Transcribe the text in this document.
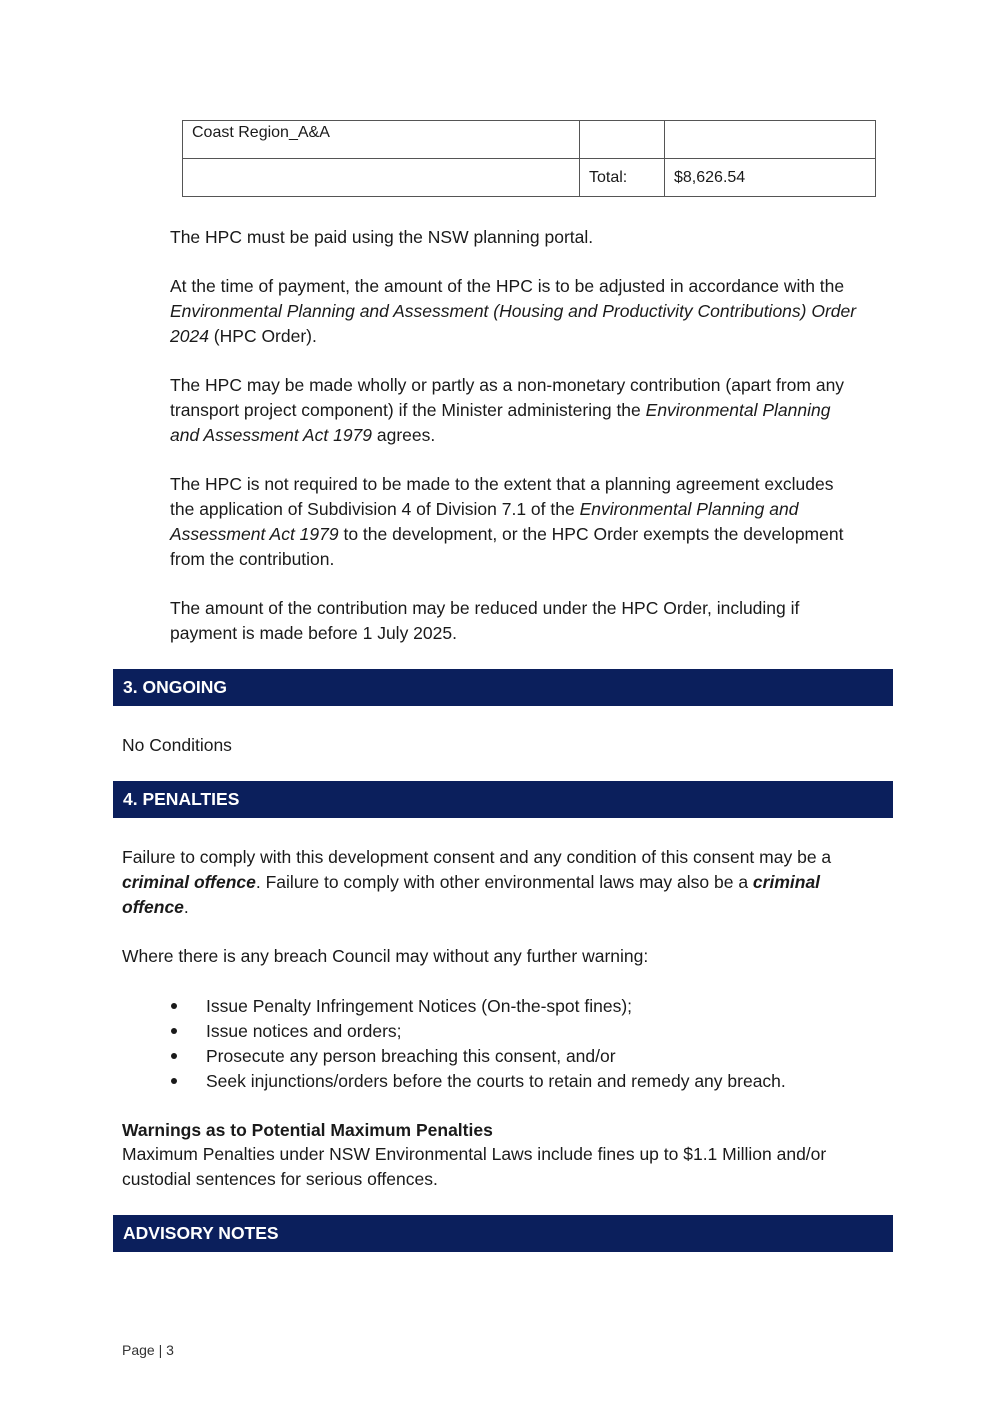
Coast Region_A&A		
	Total:	$8,626.54

The HPC must be paid using the NSW planning portal.

At the time of payment, the amount of the HPC is to be adjusted in accordance with the Environmental Planning and Assessment (Housing and Productivity Contributions) Order 2024 (HPC Order).

The HPC may be made wholly or partly as a non-monetary contribution (apart from any transport project component) if the Minister administering the Environmental Planning and Assessment Act 1979 agrees.

The HPC is not required to be made to the extent that a planning agreement excludes the application of Subdivision 4 of Division 7.1 of the Environmental Planning and Assessment Act 1979 to the development, or the HPC Order exempts the development from the contribution.

The amount of the contribution may be reduced under the HPC Order, including if payment is made before 1 July 2025.

3. ONGOING

No Conditions

4. PENALTIES

Failure to comply with this development consent and any condition of this consent may be a criminal offence. Failure to comply with other environmental laws may also be a criminal offence.

Where there is any breach Council may without any further warning:

Issue Penalty Infringement Notices (On-the-spot fines);
Issue notices and orders;
Prosecute any person breaching this consent, and/or
Seek injunctions/orders before the courts to retain and remedy any breach.
Warnings as to Potential Maximum Penalties

Maximum Penalties under NSW Environmental Laws include fines up to $1.1 Million and/or custodial sentences for serious offences.

ADVISORY NOTES
Page | 3
